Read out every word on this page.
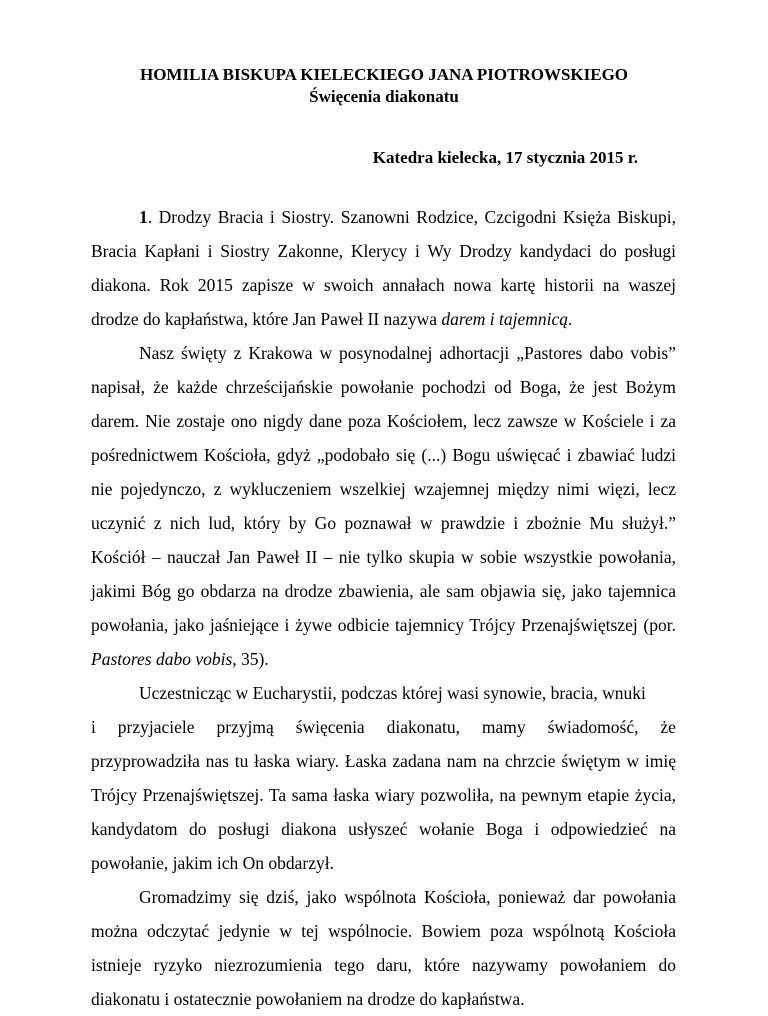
HOMILIA BISKUPA KIELECKIEGO JANA PIOTROWSKIEGO
Święcenia diakonatu
Katedra kielecka, 17 stycznia 2015 r.

1. Drodzy Bracia i Siostry. Szanowni Rodzice, Czcigodni Księża Biskupi, Bracia Kapłani i Siostry Zakonne, Klerycy i Wy Drodzy kandydaci do posługi diakona. Rok 2015 zapisze w swoich annałach nowa kartę historii na waszej drodze do kapłaństwa, które Jan Paweł II nazywa darem i tajemnicą.

Nasz święty z Krakowa w posynodalnej adhortacji „Pastores dabo vobis” napisał, że każde chrześcijańskie powołanie pochodzi od Boga, że jest Bożym darem. Nie zostaje ono nigdy dane poza Kościołem, lecz zawsze w Kościele i za pośrednictwem Kościoła, gdyż „podobało się (...) Bogu uświęcać i zbawiać ludzi nie pojedynczo, z wykluczeniem wszelkiej wzajemnej między nimi więzi, lecz uczynić z nich lud, który by Go poznawał w prawdzie i zbożnie Mu służył.” Kościół – nauczał Jan Paweł II – nie tylko skupia w sobie wszystkie powołania, jakimi Bóg go obdarza na drodze zbawienia, ale sam objawia się, jako tajemnica powołania, jako jaśniejące i żywe odbicie tajemnicy Trójcy Przenajświętszej (por. Pastores dabo vobis, 35).

Uczestnicząc w Eucharystii, podczas której wasi synowie, bracia, wnuki

i przyjaciele przyjmą święcenia diakonatu, mamy świadomość, że

przyprowadziła nas tu łaska wiary. Łaska zadana nam na chrzcie świętym w imię Trójcy Przenajświętszej. Ta sama łaska wiary pozwoliła, na pewnym etapie życia, kandydatom do posługi diakona usłyszeć wołanie Boga i odpowiedzieć na powołanie, jakim ich On obdarzył.

Gromadzimy się dziś, jako wspólnota Kościoła, ponieważ dar powołania można odczytać jedynie w tej wspólnocie. Bowiem poza wspólnotą Kościoła istnieje ryzyko niezrozumienia tego daru, które nazywamy powołaniem do diakonatu i ostatecznie powołaniem na drodze do kapłaństwa.
